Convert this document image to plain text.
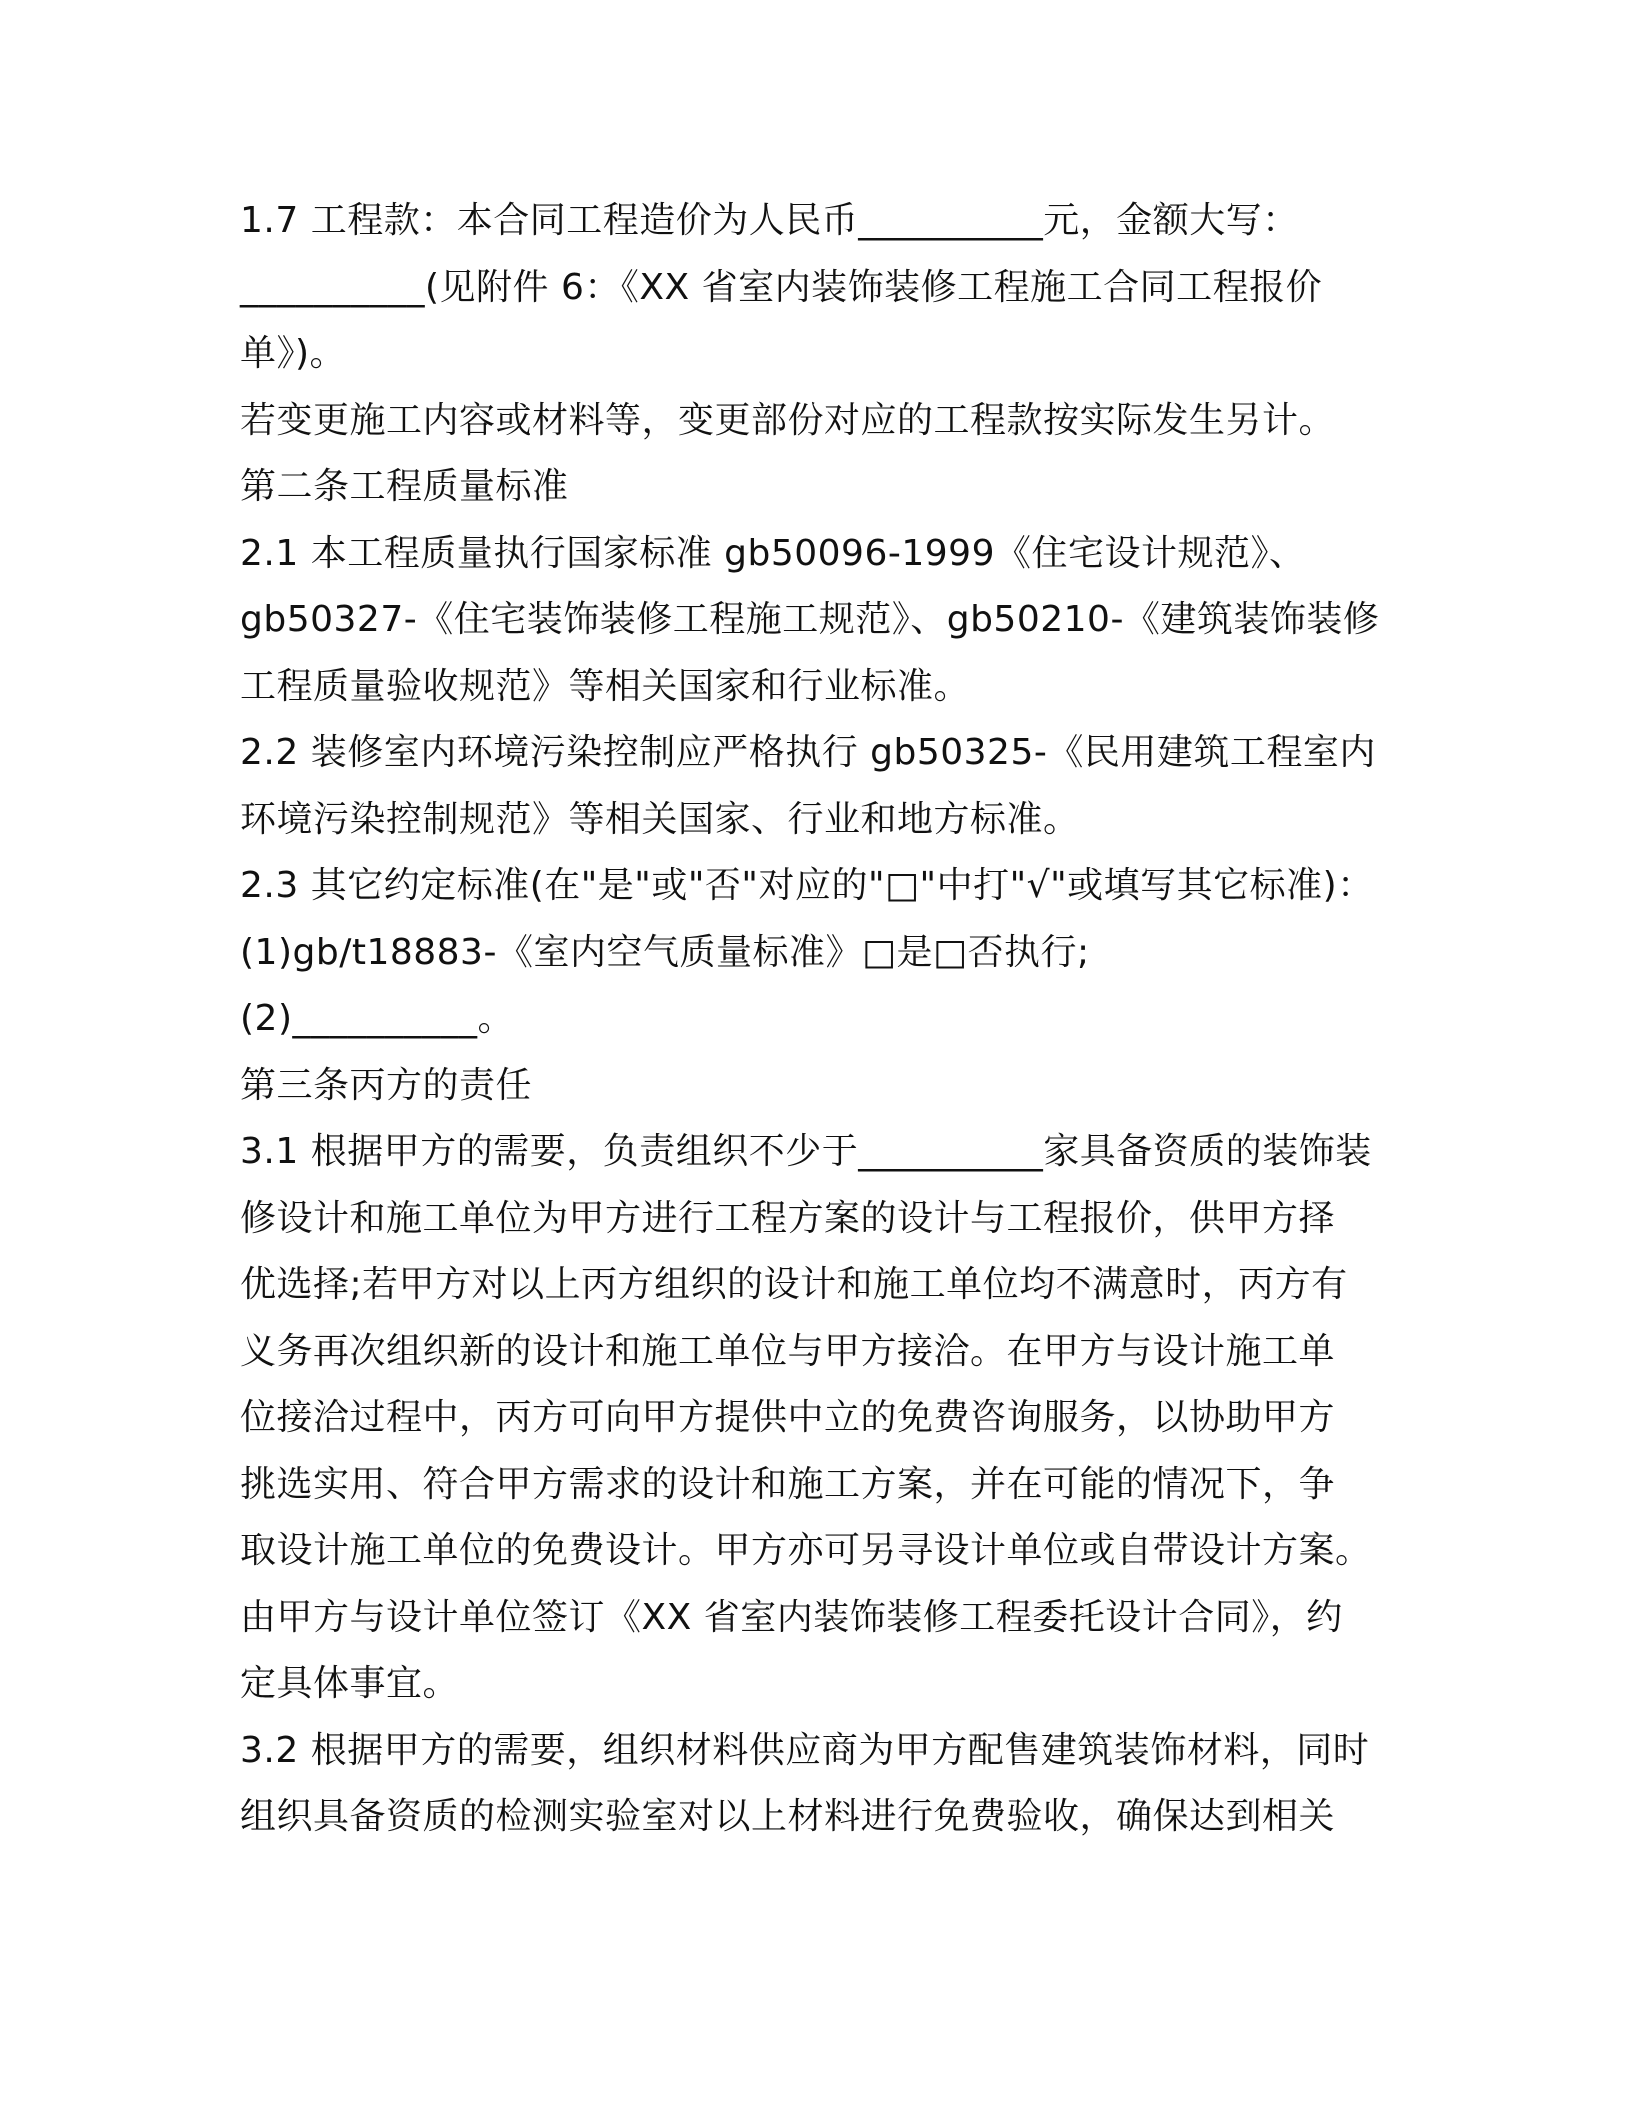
1.7 工程款：本合同工程造价为人民币__________元，金额大写：
__________(见附件 6：《XX 省室内装饰装修工程施工合同工程报价
单》)。
若变更施工内容或材料等，变更部份对应的工程款按实际发生另计。
第二条工程质量标准
2.1 本工程质量执行国家标准 gb50096-1999《住宅设计规范》、
gb50327-《住宅装饰装修工程施工规范》、gb50210-《建筑装饰装修
工程质量验收规范》等相关国家和行业标准。
2.2 装修室内环境污染控制应严格执行 gb50325-《民用建筑工程室内
环境污染控制规范》等相关国家、行业和地方标准。
2.3 其它约定标准(在"是"或"否"对应的"□"中打"√"或填写其它标准)：
(1)gb/t18883-《室内空气质量标准》□是□否执行;
(2)__________。
第三条丙方的责任
3.1 根据甲方的需要，负责组织不少于__________家具备资质的装饰装
修设计和施工单位为甲方进行工程方案的设计与工程报价，供甲方择
优选择;若甲方对以上丙方组织的设计和施工单位均不满意时，丙方有
义务再次组织新的设计和施工单位与甲方接洽。在甲方与设计施工单
位接洽过程中，丙方可向甲方提供中立的免费咨询服务，以协助甲方
挑选实用、符合甲方需求的设计和施工方案，并在可能的情况下，争
取设计施工单位的免费设计。甲方亦可另寻设计单位或自带设计方案。
由甲方与设计单位签订《XX 省室内装饰装修工程委托设计合同》，约
定具体事宜。
3.2 根据甲方的需要，组织材料供应商为甲方配售建筑装饰材料，同时
组织具备资质的检测实验室对以上材料进行免费验收，确保达到相关
